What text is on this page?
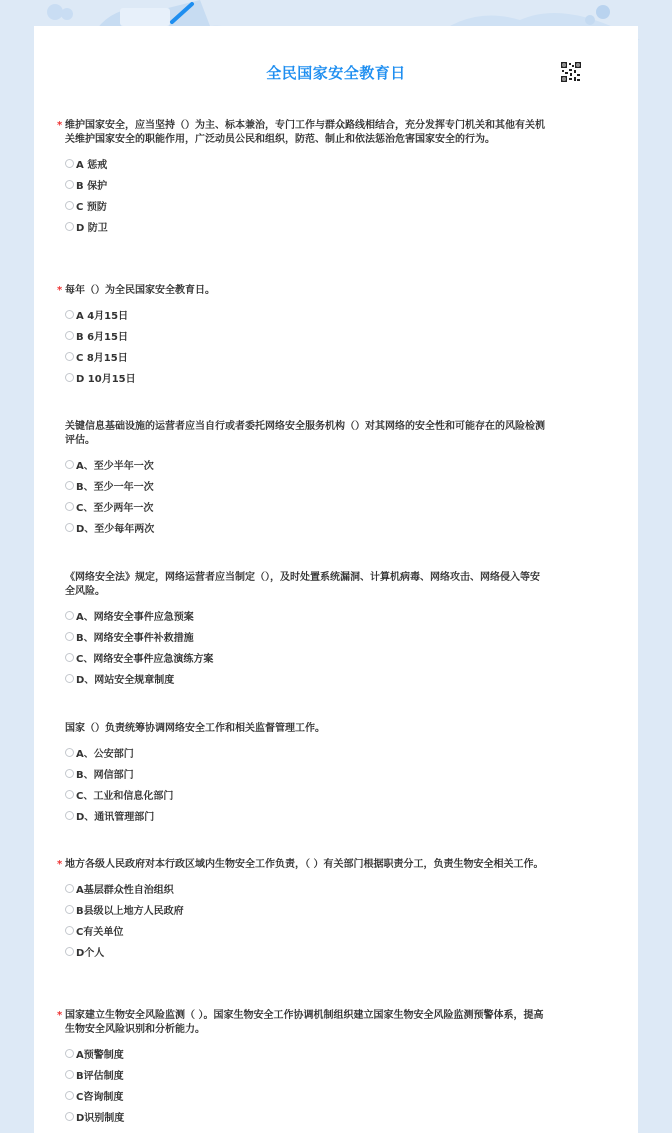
全民国家安全教育日

* 维护国家安全，应当坚持（）为主、标本兼治，专门工作与群众路线相结合，充分发挥专门机关和其他有关机关维护国家安全的职能作用，广泛动员公民和组织，防范、制止和依法惩治危害国家安全的行为。

A 惩戒
B 保护
C 预防
D 防卫

* 每年（）为全民国家安全教育日。

A 4月15日
B 6月15日
C 8月15日
D 10月15日

关键信息基础设施的运营者应当自行或者委托网络安全服务机构（）对其网络的安全性和可能存在的风险检测评估。

A、至少半年一次
B、至少一年一次
C、至少两年一次
D、至少每年两次

《网络安全法》规定，网络运营者应当制定（），及时处置系统漏洞、计算机病毒、网络攻击、网络侵入等安全风险。

A、网络安全事件应急预案
B、网络安全事件补救措施
C、网络安全事件应急演练方案
D、网站安全规章制度

国家（）负责统筹协调网络安全工作和相关监督管理工作。

A、公安部门
B、网信部门
C、工业和信息化部门
D、通讯管理部门

* 地方各级人民政府对本行政区域内生物安全工作负责，（ ）有关部门根据职责分工，负责生物安全相关工作。

A基层群众性自治组织
B县级以上地方人民政府
C有关单位
D个人

* 国家建立生物安全风险监测（ ）。国家生物安全工作协调机制组织建立国家生物安全风险监测预警体系，提高生物安全风险识别和分析能力。

A预警制度
B评估制度
C咨询制度
D识别制度
